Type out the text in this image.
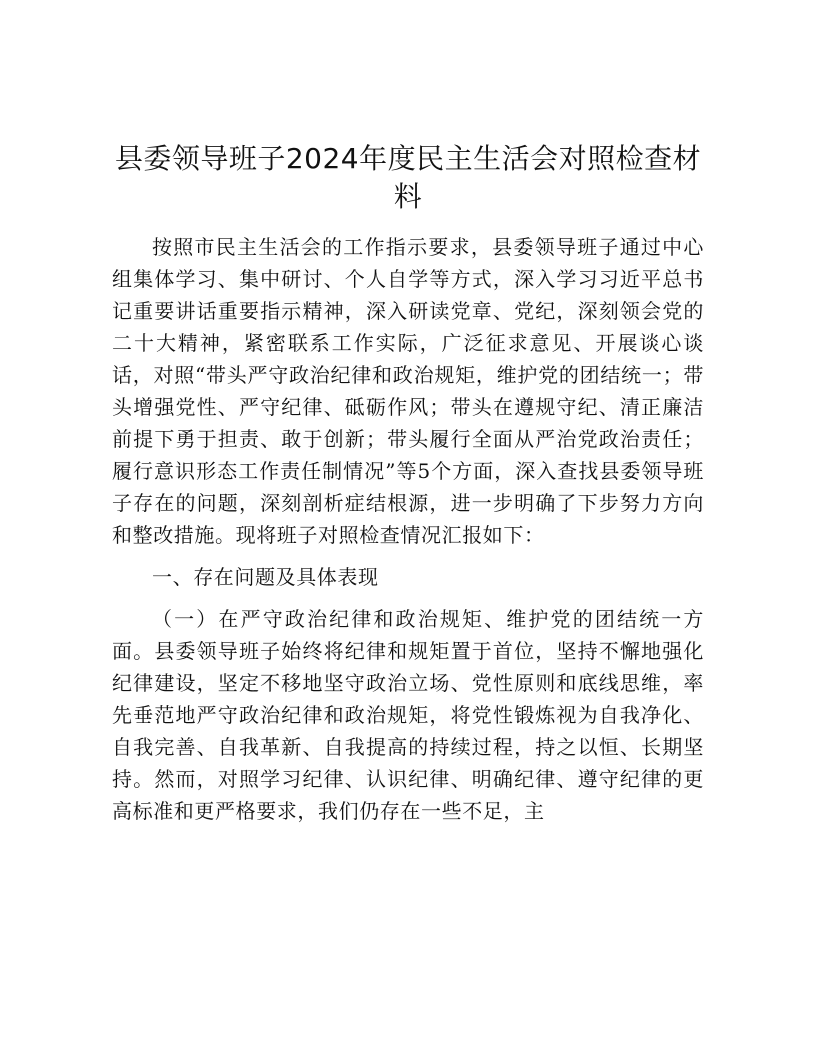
县委领导班子2024年度民主生活会对照检查材料

按照市民主生活会的工作指示要求，县委领导班子通过中心组集体学习、集中研讨、个人自学等方式，深入学习习近平总书记重要讲话重要指示精神，深入研读党章、党纪，深刻领会党的二十大精神，紧密联系工作实际，广泛征求意见、开展谈心谈话，对照“带头严守政治纪律和政治规矩，维护党的团结统一；带头增强党性、严守纪律、砥砺作风；带头在遵规守纪、清正廉洁前提下勇于担责、敢于创新；带头履行全面从严治党政治责任；履行意识形态工作责任制情况”等5个方面，深入查找县委领导班子存在的问题，深刻剖析症结根源，进一步明确了下步努力方向和整改措施。现将班子对照检查情况汇报如下：

一、存在问题及具体表现

（一）在严守政治纪律和政治规矩、维护党的团结统一方面。县委领导班子始终将纪律和规矩置于首位，坚持不懈地强化纪律建设，坚定不移地坚守政治立场、党性原则和底线思维，率先垂范地严守政治纪律和政治规矩，将党性锻炼视为自我净化、自我完善、自我革新、自我提高的持续过程，持之以恒、长期坚持。然而，对照学习纪律、认识纪律、明确纪律、遵守纪律的更高标准和更严格要求，我们仍存在一些不足，主
